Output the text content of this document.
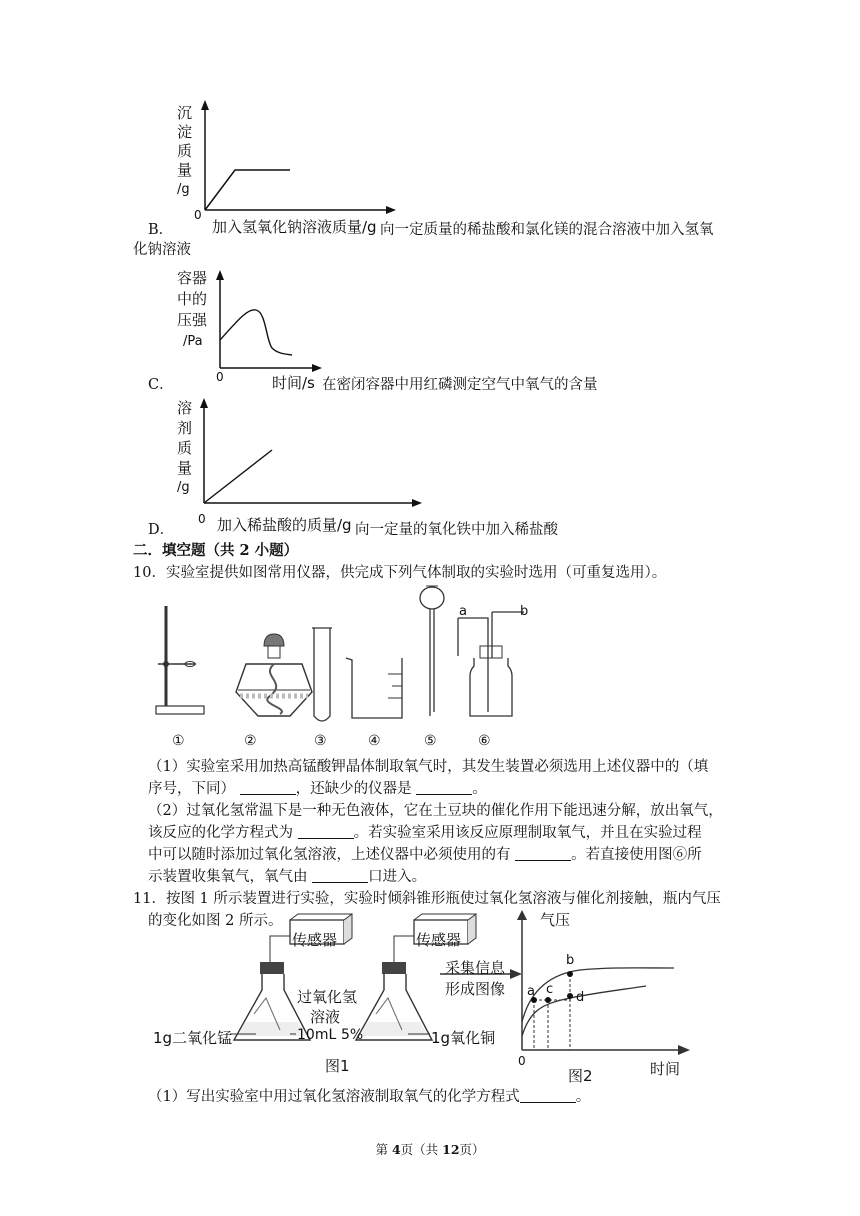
沉
淀
质
量
/g
0
加入氢氧化钠溶液质量/g
B．	向一定质量的稀盐酸和氯化镁的混合溶液中加入氢氧
化钠溶液
容器
中的
压强
/Pa
0	时间/s
C．	在密闭容器中用红磷测定空气中氧气的含量
溶
剂
质
量
/g
0 加入稀盐酸的质量/g
D．	向一定量的氧化铁中加入稀盐酸
二．填空题（共 2 小题）
10．实验室提供如图常用仪器，供完成下列气体制取的实验时选用（可重复选用）。
a	b
①	②	③	④	⑤	⑥
（1）实验室采用加热高锰酸钾晶体制取氧气时，其发生装置必须选用上述仪器中的（填
序号，下同）	，还缺少的仪器是	。
（2）过氧化氢常温下是一种无色液体，它在土豆块的催化作用下能迅速分解，放出氧气，
该反应的化学方程式为	。若实验室采用该反应原理制取氧气，并且在实验过程
中可以随时添加过氧化氢溶液，上述仪器中必须使用的有	。若直接使用图⑥所
示装置收集氧气，氧气由	口进入。
11．按图 1 所示装置进行实验，实验时倾斜锥形瓶使过氧化氢溶液与催化剂接触，瓶内气压
的变化如图 2 所示。
传感器	传感器
过氧化氢
溶液
1g二氧化锰	10mL 5%	1g氧化铜
图1
采集信息
形成图像
气压
时间
0
图2
a
b
c
d
（1）写出实验室中用过氧化氢溶液制取氧气的化学方程式	。
第 4页（共 12页）
